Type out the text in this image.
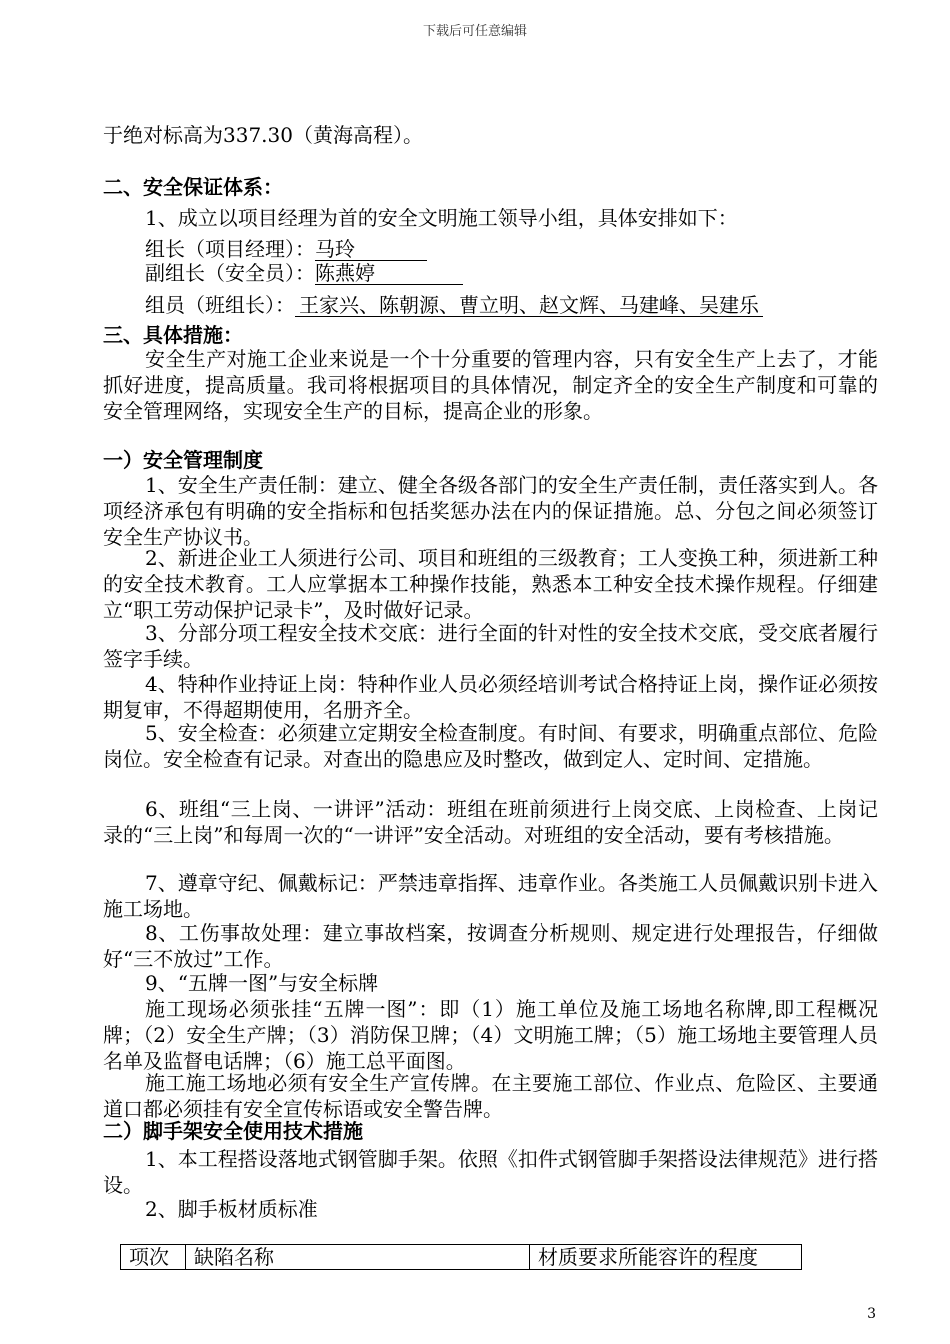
下载后可任意编辑
于绝对标高为337.30（黄海高程）。
二、安全保证体系：
1、成立以项目经理为首的安全文明施工领导小组，具体安排如下：
组长（项目经理）：马玲
副组长（安全员）：陈燕婷
组员（班组长）： 王家兴、陈朝源、曹立明、赵文辉、马建峰、吴建乐
三、具体措施：
安全生产对施工企业来说是一个十分重要的管理内容，只有安全生产上去了，才能抓好进度，提高质量。我司将根据项目的具体情况，制定齐全的安全生产制度和可靠的安全管理网络，实现安全生产的目标，提高企业的形象。
一）安全管理制度
1、安全生产责任制：建立、健全各级各部门的安全生产责任制，责任落实到人。各项经济承包有明确的安全指标和包括奖惩办法在内的保证措施。总、分包之间必须签订安全生产协议书。
2、新进企业工人须进行公司、项目和班组的三级教育；工人变换工种，须进新工种的安全技术教育。工人应掌据本工种操作技能，熟悉本工种安全技术操作规程。仔细建立“职工劳动保护记录卡”，及时做好记录。
3、分部分项工程安全技术交底：进行全面的针对性的安全技术交底，受交底者履行签字手续。
4、特种作业持证上岗：特种作业人员必须经培训考试合格持证上岗，操作证必须按期复审，不得超期使用，名册齐全。
5、安全检查：必须建立定期安全检查制度。有时间、有要求，明确重点部位、危险岗位。安全检查有记录。对查出的隐患应及时整改，做到定人、定时间、定措施。
6、班组“三上岗、一讲评”活动：班组在班前须进行上岗交底、上岗检查、上岗记录的“三上岗”和每周一次的“一讲评”安全活动。对班组的安全活动，要有考核措施。
7、遵章守纪、佩戴标记：严禁违章指挥、违章作业。各类施工人员佩戴识别卡进入施工场地。
8、工伤事故处理：建立事故档案，按调查分析规则、规定进行处理报告，仔细做好“三不放过”工作。
9、“五牌一图”与安全标牌
施工现场必须张挂“五牌一图”：即（1）施工单位及施工场地名称牌,即工程概况牌；（2）安全生产牌；（3）消防保卫牌；（4）文明施工牌；（5）施工场地主要管理人员名单及监督电话牌；（6）施工总平面图。
施工施工场地必须有安全生产宣传牌。在主要施工部位、作业点、危险区、主要通道口都必须挂有安全宣传标语或安全警告牌。
二）脚手架安全使用技术措施
1、本工程搭设落地式钢管脚手架。依照《扣件式钢管脚手架搭设法律规范》进行搭设。
2、脚手板材质标准
项次	缺陷名称	材质要求所能容许的程度
3
